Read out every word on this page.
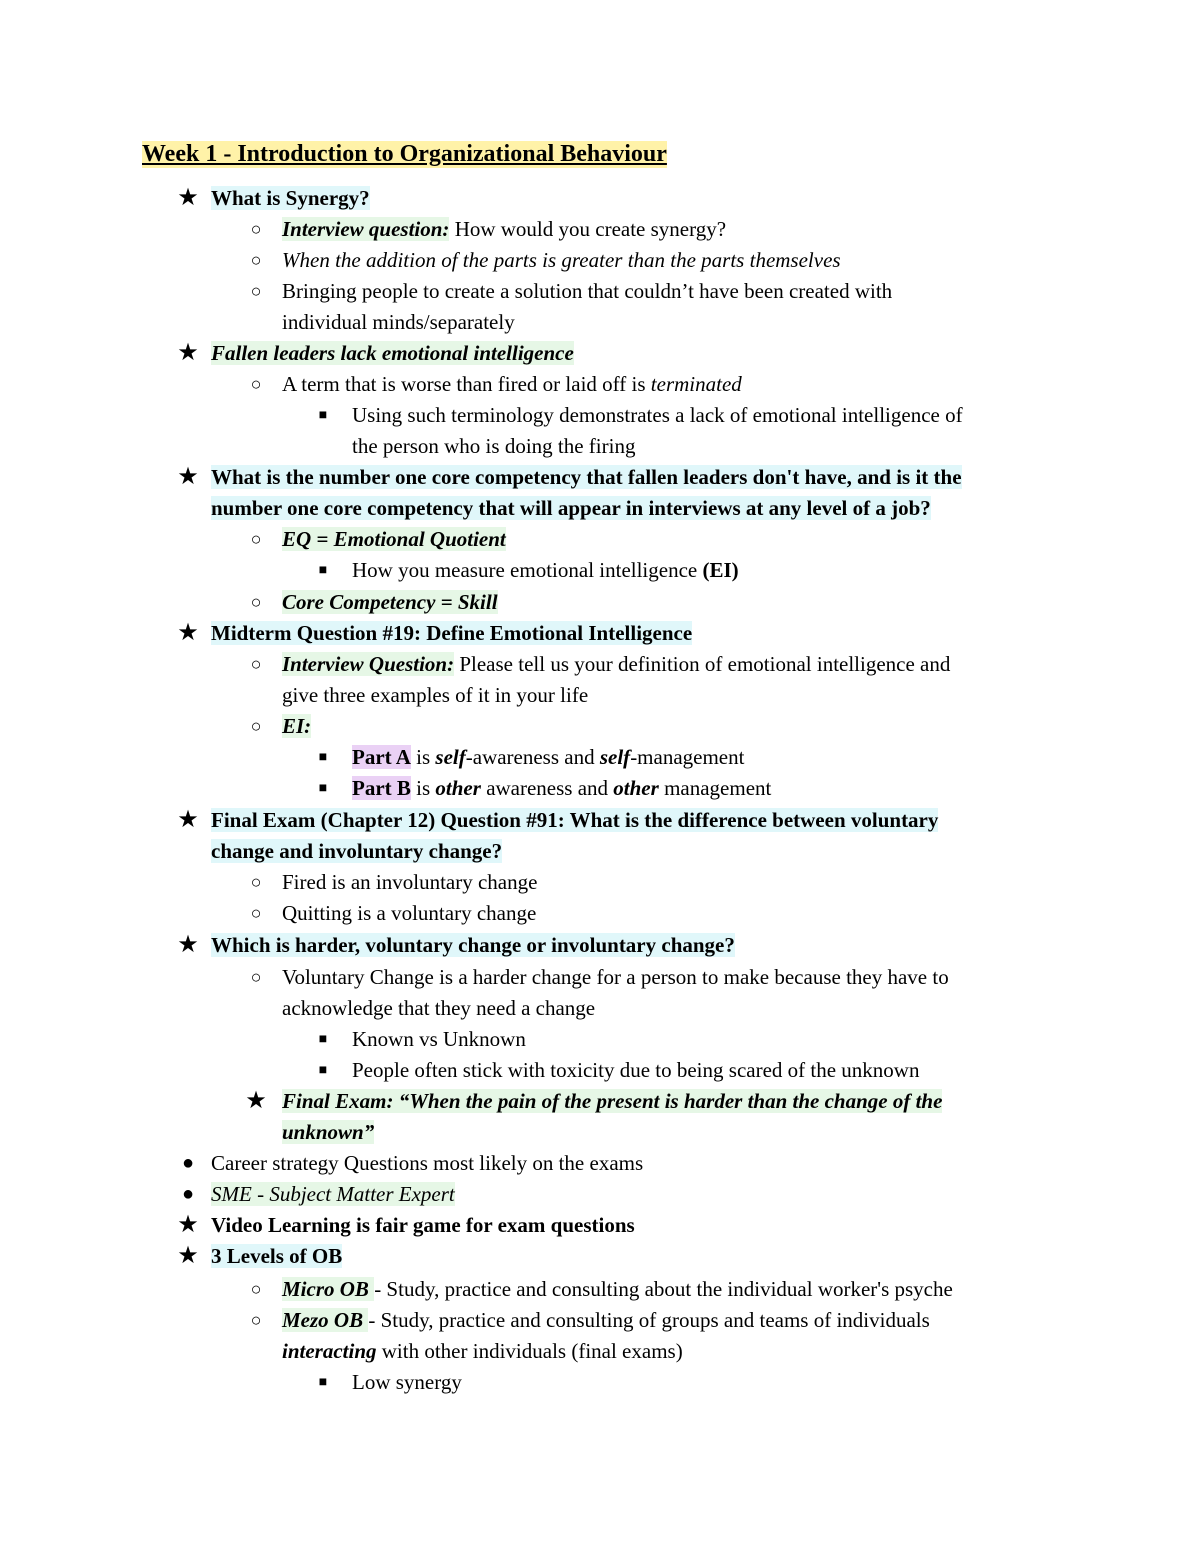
Week 1 - Introduction to Organizational Behaviour
★ What is Synergy?
○ Interview question: How would you create synergy?
○ When the addition of the parts is greater than the parts themselves
○ Bringing people to create a solution that couldn’t have been created with
individual minds/separately
★ Fallen leaders lack emotional intelligence
○ A term that is worse than fired or laid off is terminated
■	Using such terminology demonstrates a lack of emotional intelligence of
the person who is doing the firing
★ What is the number one core competency that fallen leaders don't have, and is it the
number one core competency that will appear in interviews at any level of a job?
○ EQ = Emotional Quotient
■	How you measure emotional intelligence (EI)
○ Core Competency = Skill
★ Midterm Question #19: Define Emotional Intelligence
○ Interview Question: Please tell us your definition of emotional intelligence and
give three examples of it in your life
○ EI:
■	Part A is self-awareness and self-management
■	Part B is other awareness and other management
★ Final Exam (Chapter 12) Question #91: What is the difference between voluntary
change and involuntary change?
○ Fired is an involuntary change
○ Quitting is a voluntary change
★ Which is harder, voluntary change or involuntary change?
○ Voluntary Change is a harder change for a person to make because they have to
acknowledge that they need a change
■	Known vs Unknown
■	People often stick with toxicity due to being scared of the unknown
★ Final Exam: “When the pain of the present is harder than the change of the
unknown”
● Career strategy Questions most likely on the exams
● SME - Subject Matter Expert
★ Video Learning is fair game for exam questions
★ 3 Levels of OB
○ Micro OB - Study, practice and consulting about the individual worker's psyche
○ Mezo OB - Study, practice and consulting of groups and teams of individuals
interacting with other individuals (final exams)
■	Low synergy
